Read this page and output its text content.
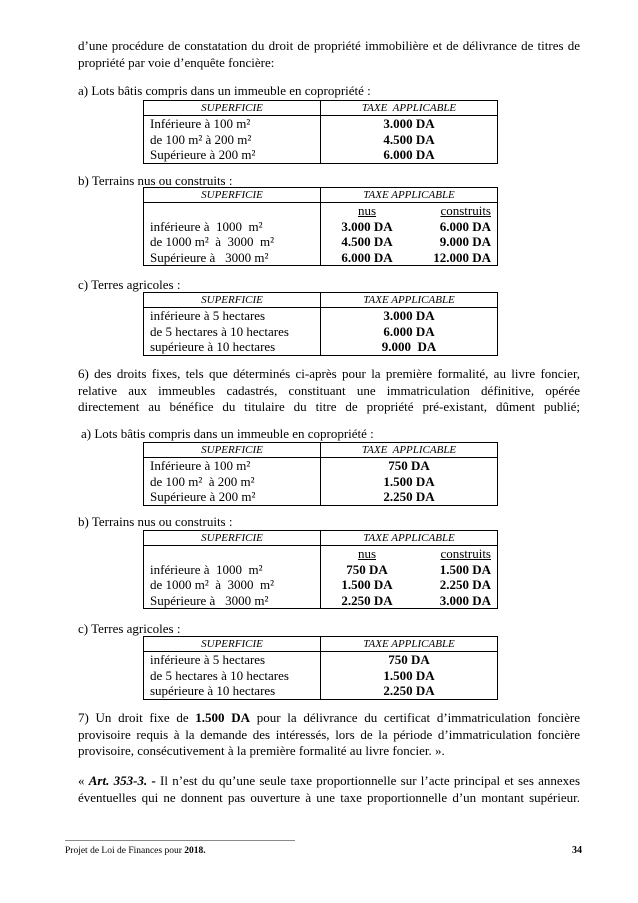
d’une procédure de constatation du droit de propriété immobilière et de délivrance de titres de
propriété par voie d’enquête foncière:
a) Lots bâtis compris dans un immeuble en copropriété :
SUPERFICIE	TAXE  APPLICABLE
Inférieure à 100 m²	3.000 DA
de 100 m² à 200 m²	4.500 DA
Supérieure à 200 m²	6.000 DA
b) Terrains nus ou construits :
SUPERFICIE	TAXE APPLICABLE
	nus construits
inférieure à  1000  m²	3.000 DA 6.000 DA
de 1000 m²  à  3000  m²	4.500 DA 9.000 DA
Supérieure à   3000 m²	6.000 DA 12.000 DA
c) Terres agricoles :
SUPERFICIE	TAXE APPLICABLE
inférieure à 5 hectares	3.000 DA
de 5 hectares à 10 hectares	6.000 DA
supérieure à 10 hectares	9.000  DA
6) des droits fixes, tels que déterminés ci-après pour la première formalité, au livre foncier,
relative aux immeubles cadastrés, constituant une immatriculation définitive, opérée
directement au bénéfice du titulaire du titre de propriété pré-existant, dûment publié;
a) Lots bâtis compris dans un immeuble en copropriété :
SUPERFICIE	TAXE  APPLICABLE
Inférieure à 100 m²	750 DA
de 100 m²  à 200 m²	1.500 DA
Supérieure à 200 m²	2.250 DA
b) Terrains nus ou construits :
SUPERFICIE	TAXE APPLICABLE
	nus construits
inférieure à  1000  m²	750 DA 1.500 DA
de 1000 m²  à  3000  m²	1.500 DA 2.250 DA
Supérieure à   3000 m²	2.250 DA 3.000 DA
c) Terres agricoles :
SUPERFICIE	TAXE APPLICABLE
inférieure à 5 hectares	750 DA
de 5 hectares à 10 hectares	1.500 DA
supérieure à 10 hectares	2.250 DA
7) Un droit fixe de 1.500 DA pour la délivrance du certificat d’immatriculation foncière
provisoire requis à la demande des intéressés, lors de la période d’immatriculation foncière
provisoire, consécutivement à la première formalité au livre foncier. ».
« Art. 353-3. - Il n’est du qu’une seule taxe proportionnelle sur l’acte principal et ses annexes
éventuelles qui ne donnent pas ouverture à une taxe proportionnelle d’un montant supérieur.
Projet de Loi de Finances pour 2018.	34
